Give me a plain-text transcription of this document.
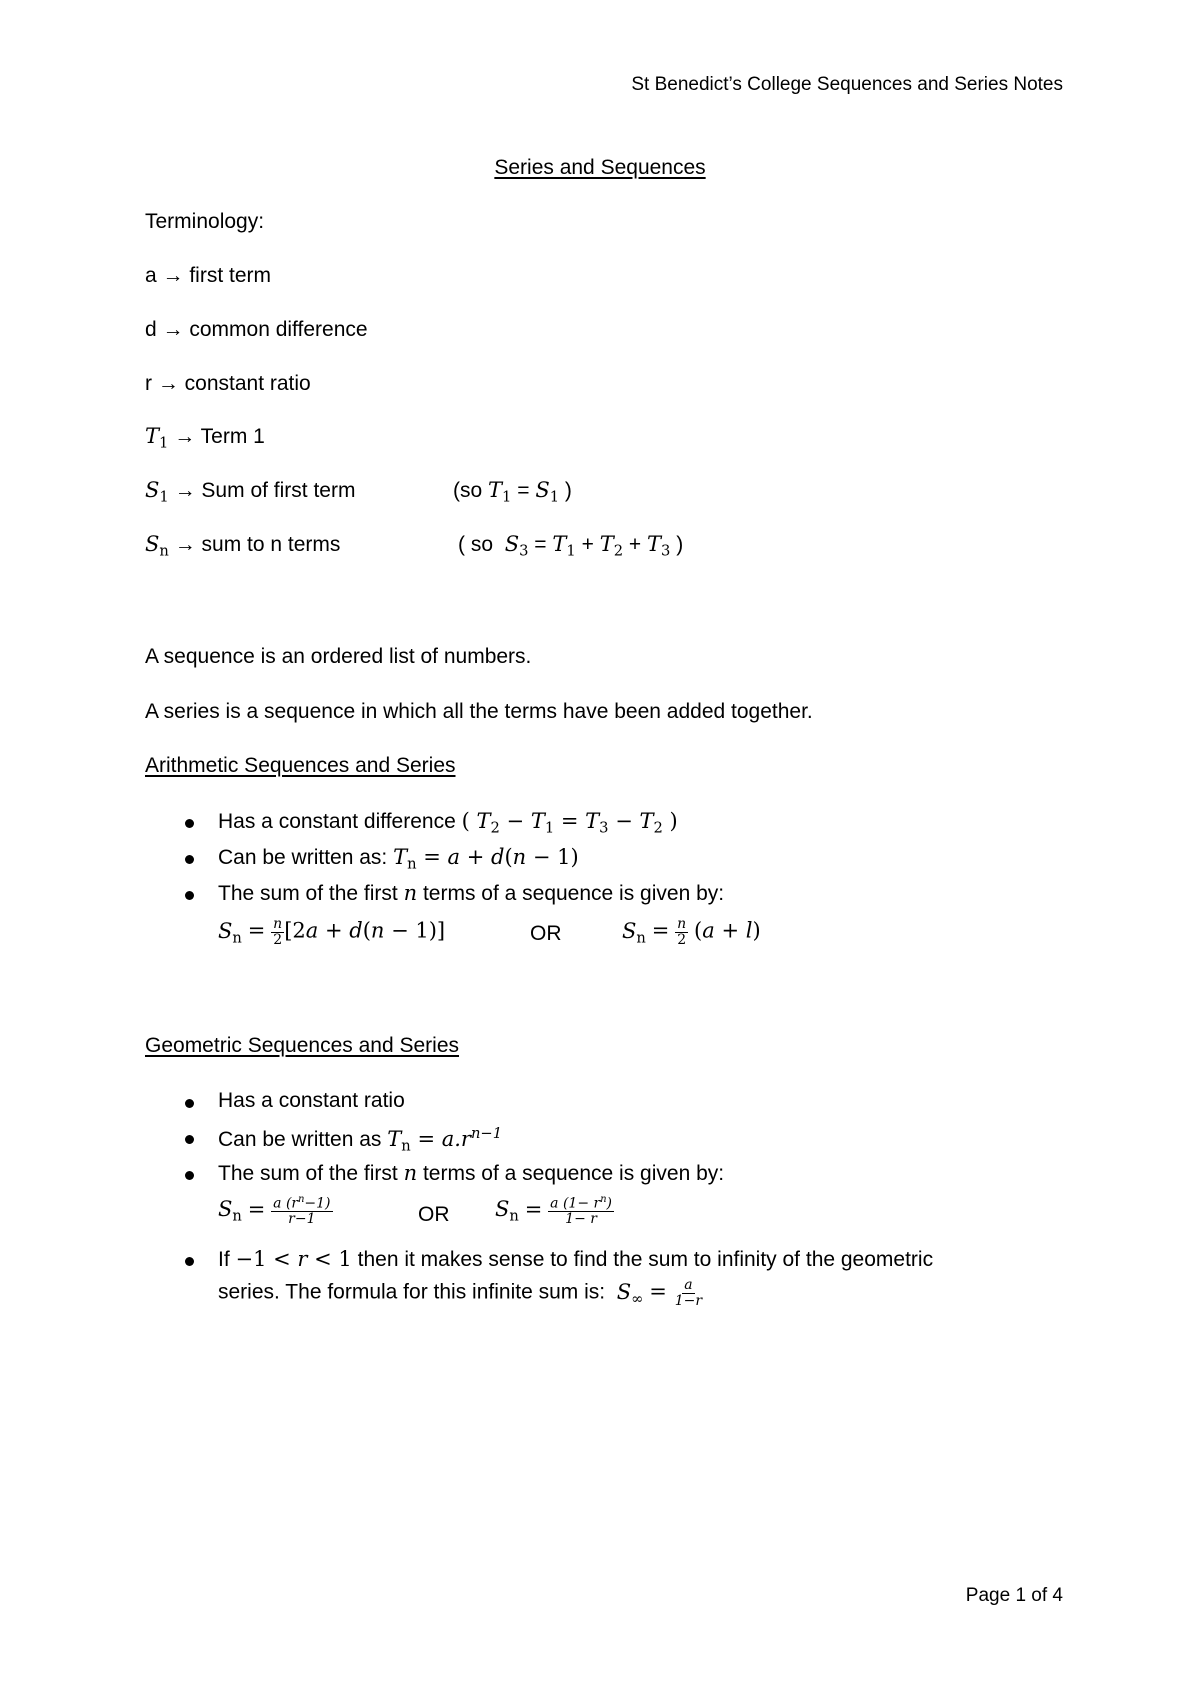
St Benedict’s College Sequences and Series Notes
Series and Sequences
Terminology:
a → first term
d → common difference
r → constant ratio
$T_1$ → Term 1
$S_1$ → Sum of first term	(so $T_1 = S_1$ )
$S_n$ → sum to n terms	( so $S_3 = T_1 + T_2 + T_3$ )
A sequence is an ordered list of numbers.
A series is a sequence in which all the terms have been added together.
Arithmetic Sequences and Series
Has a constant difference ( $T_2 - T_1 = T_3 - T_2$ )
Can be written as: $T_n = a + d(n - 1)$
The sum of the first n terms of a sequence is given by:
$S_n = \frac{n}{2} [2a + d(n - 1)]$	OR	$S_n = \frac{n}{2} (a + l)$
Geometric Sequences and Series
Has a constant ratio
Can be written as $T_n = a.r^{n-1}$
The sum of the first n terms of a sequence is given by:
$S_n = \frac{a (r^n-1)}{r-1}$	OR $S_n = \frac{a (1- r^n)}{1- r}$
If −1 < r < 1 then it makes sense to find the sum to infinity of the geometric
series. The formula for this infinite sum is: $S_\infty = \frac{a}{1-r}$
Page 1 of 4
